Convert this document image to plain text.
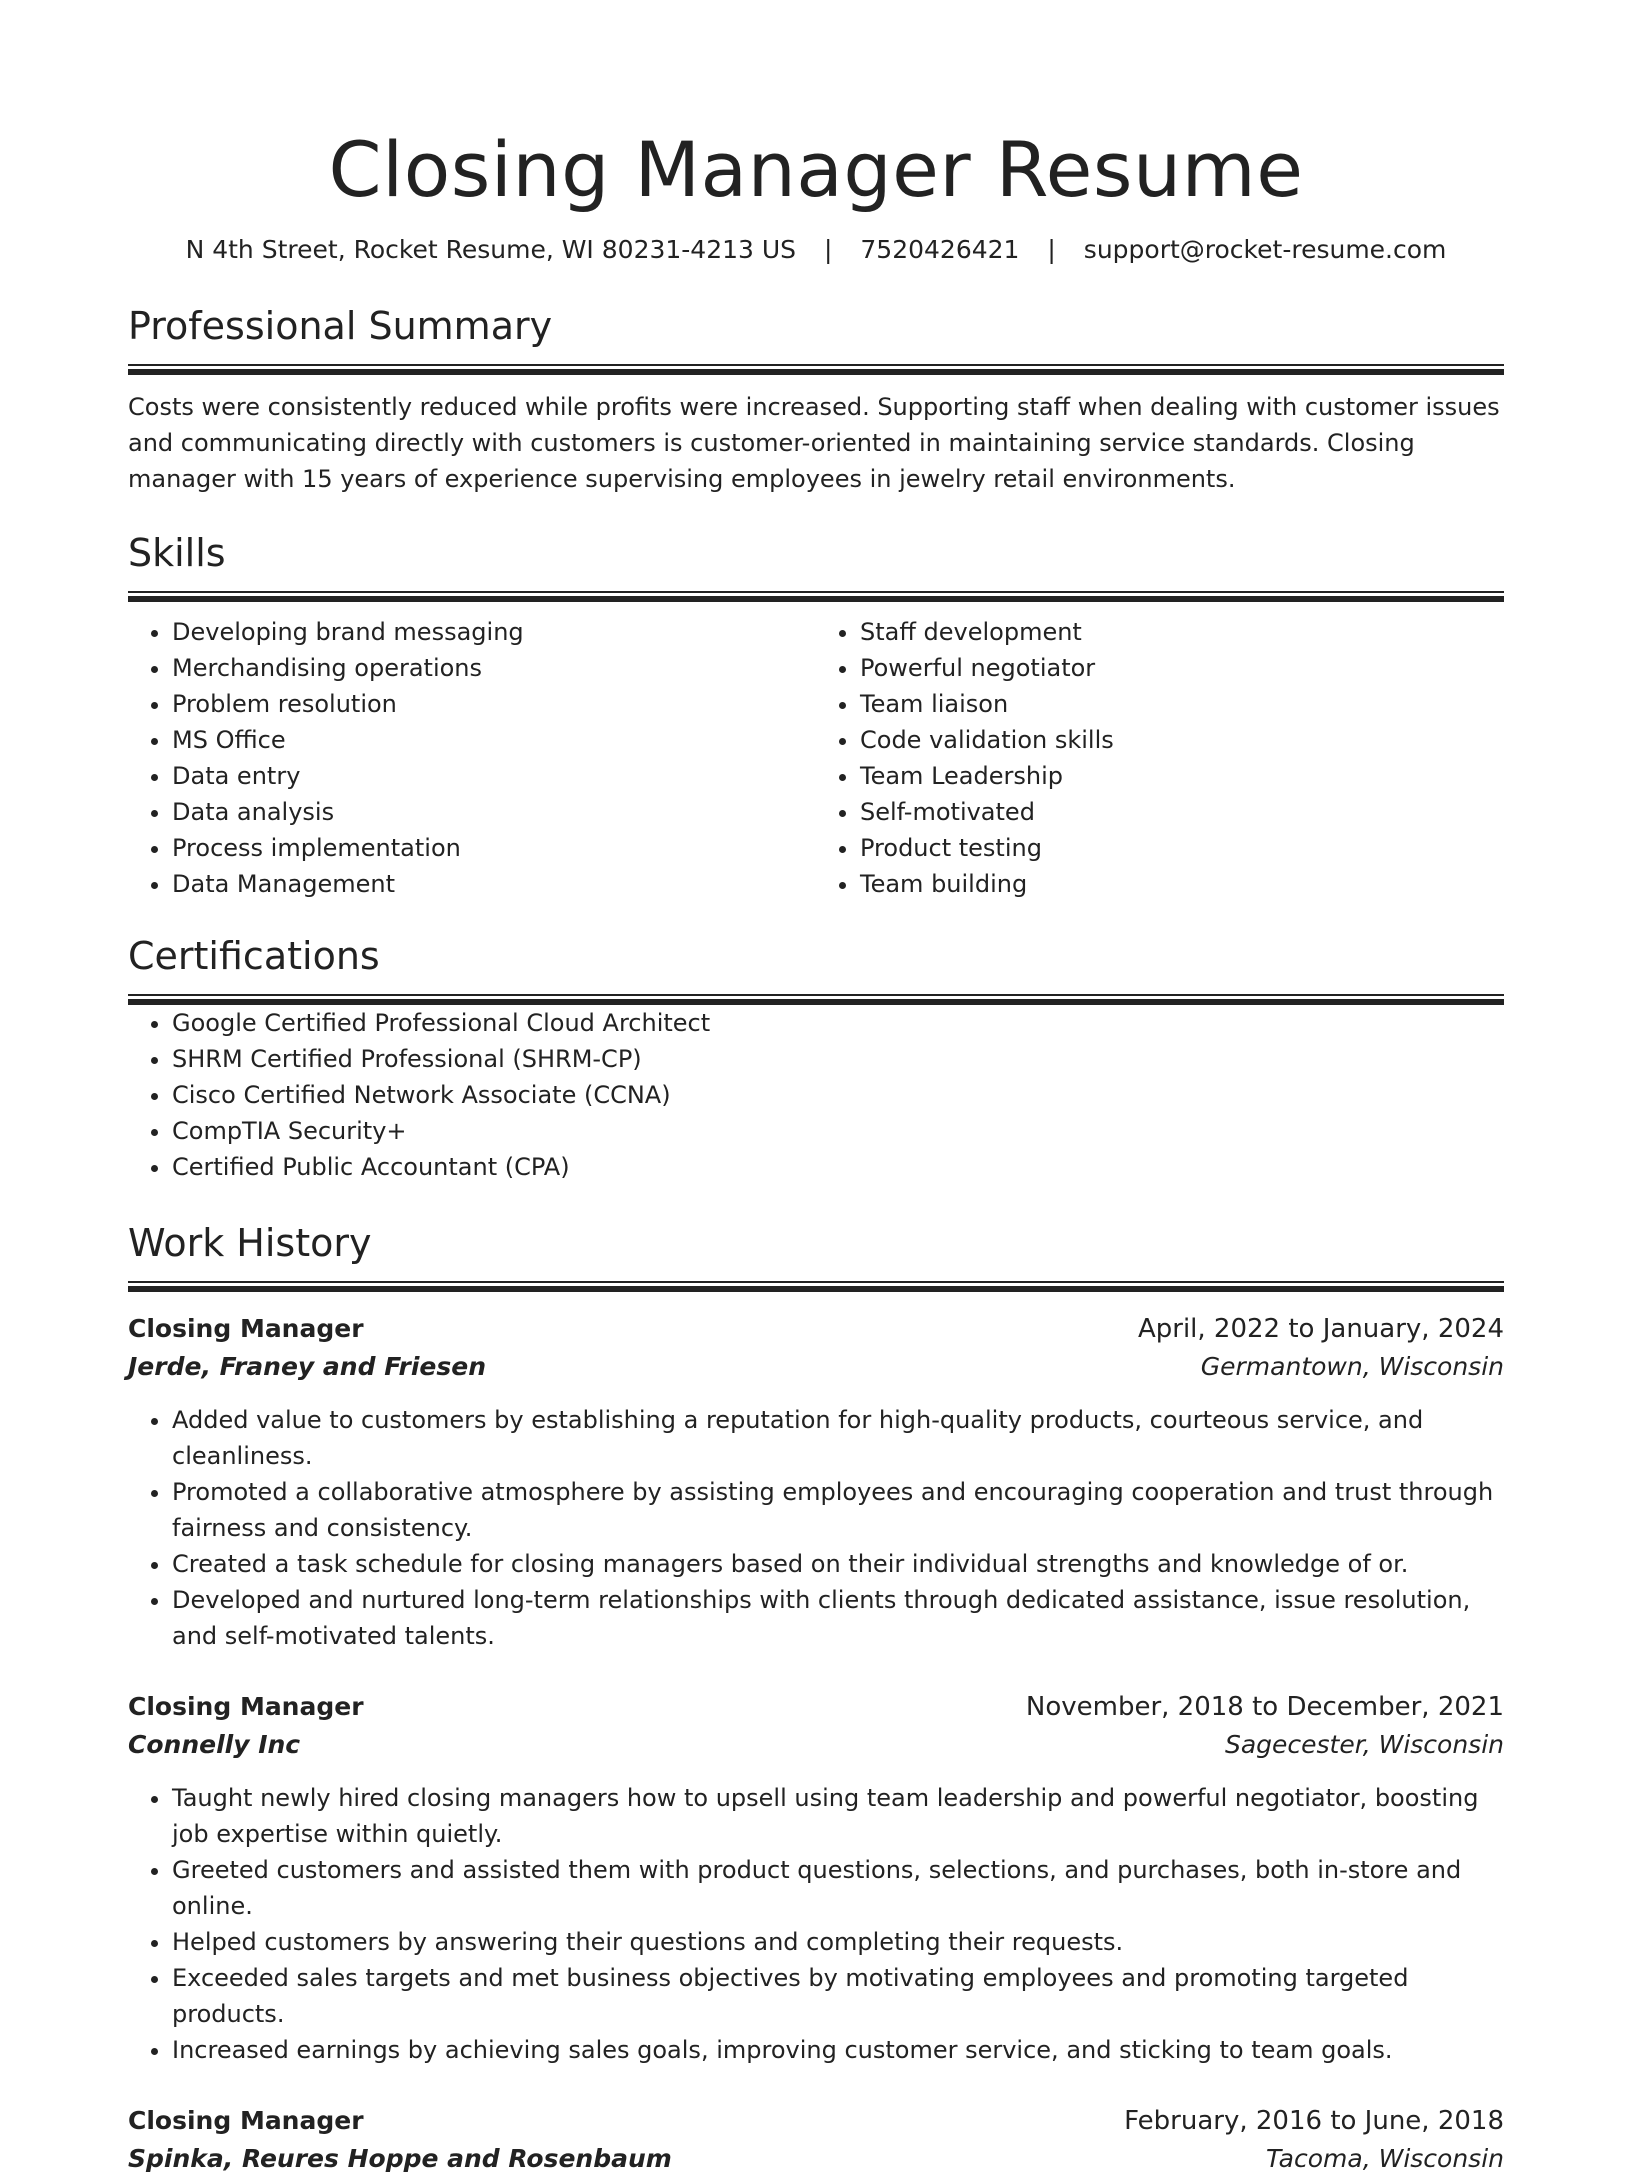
Closing Manager Resume
N 4th Street, Rocket Resume, WI 80231-4213 US | 7520426421 | support@rocket-resume.com
Professional Summary

Costs were consistently reduced while profits were increased. Supporting staff when dealing with customer issues and communicating directly with customers is customer-oriented in maintaining service standards. Closing manager with 15 years of experience supervising employees in jewelry retail environments.

Skills
• Developing brand messaging
• Merchandising operations
• Problem resolution
• MS Office
• Data entry
• Data analysis
• Process implementation
• Data Management
• Staff development
• Powerful negotiator
• Team liaison
• Code validation skills
• Team Leadership
• Self-motivated
• Product testing
• Team building
Certifications
• Google Certified Professional Cloud Architect
• SHRM Certified Professional (SHRM-CP)
• Cisco Certified Network Associate (CCNA)
• CompTIA Security+
• Certified Public Accountant (CPA)
Work History
Closing Manager	April, 2022 to January, 2024
Jerde, Franey and Friesen	Germantown, Wisconsin
• Added value to customers by establishing a reputation for high-quality products, courteous service, and cleanliness.
• Promoted a collaborative atmosphere by assisting employees and encouraging cooperation and trust through fairness and consistency.
• Created a task schedule for closing managers based on their individual strengths and knowledge of or.
• Developed and nurtured long-term relationships with clients through dedicated assistance, issue resolution, and self-motivated talents.
Closing Manager	November, 2018 to December, 2021
Connelly Inc	Sagecester, Wisconsin
• Taught newly hired closing managers how to upsell using team leadership and powerful negotiator, boosting job expertise within quietly.
• Greeted customers and assisted them with product questions, selections, and purchases, both in-store and online.
• Helped customers by answering their questions and completing their requests.
• Exceeded sales targets and met business objectives by motivating employees and promoting targeted products.
• Increased earnings by achieving sales goals, improving customer service, and sticking to team goals.
Closing Manager	February, 2016 to June, 2018
Spinka, Reures Hoppe and Rosenbaum	Tacoma, Wisconsin
